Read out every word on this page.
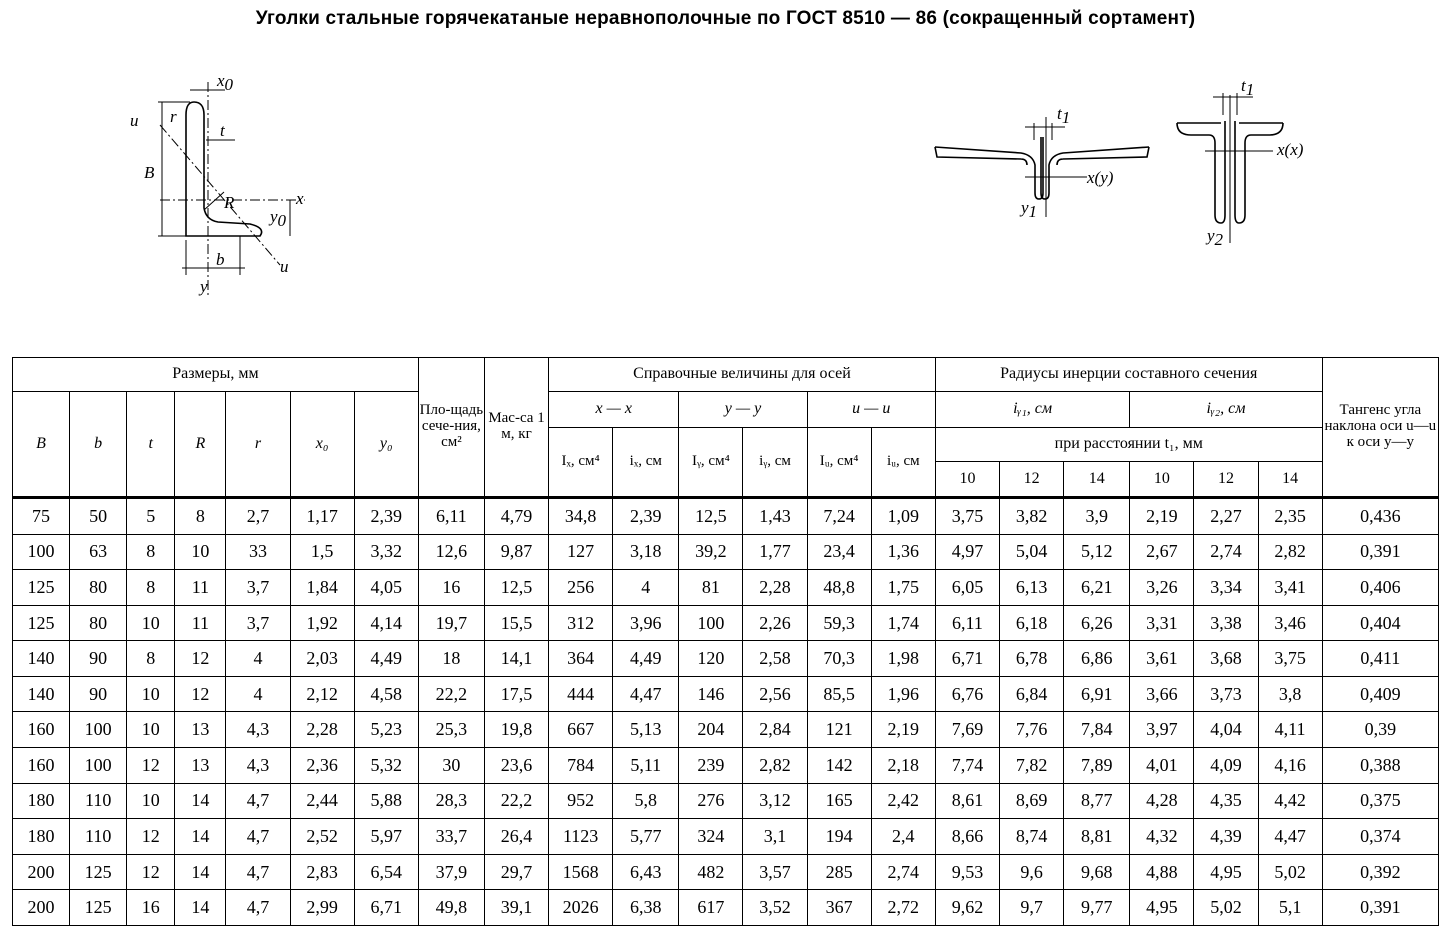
Уголки стальные горячекатаные неравнополочные по ГОСТ 8510 — 86 (сокращенный сортамент)
x0
r
t
u
B
R
y0
x
b	u
y
t1
x(y)
y1
t1
x(x)
y2
Размеры, мм							Пло-щадь сече-ния, см²	Мас-са 1 м, кг	Справочные величины для осей						Радиусы инерции составного сечения						Тангенс угла наклона оси u—u к оси y—y
B	b	t	R	r	x₀	y₀			x — x		y — y		u — u		iᵧ₁, см			iᵧ₂, см			
									Iₓ, см⁴	iₓ, см	Iᵧ, см⁴	iᵧ, см	Iᵤ, см⁴	iᵤ, см	при расстоянии t₁, мм						
															10	12	14	10	12	14	
75	50	5	8	2,7	1,17	2,39	6,11	4,79	34,8	2,39	12,5	1,43	7,24	1,09	3,75	3,82	3,9	2,19	2,27	2,35	0,436
100	63	8	10	33	1,5	3,32	12,6	9,87	127	3,18	39,2	1,77	23,4	1,36	4,97	5,04	5,12	2,67	2,74	2,82	0,391
125	80	8	11	3,7	1,84	4,05	16	12,5	256	4	81	2,28	48,8	1,75	6,05	6,13	6,21	3,26	3,34	3,41	0,406
125	80	10	11	3,7	1,92	4,14	19,7	15,5	312	3,96	100	2,26	59,3	1,74	6,11	6,18	6,26	3,31	3,38	3,46	0,404
140	90	8	12	4	2,03	4,49	18	14,1	364	4,49	120	2,58	70,3	1,98	6,71	6,78	6,86	3,61	3,68	3,75	0,411
140	90	10	12	4	2,12	4,58	22,2	17,5	444	4,47	146	2,56	85,5	1,96	6,76	6,84	6,91	3,66	3,73	3,8	0,409
160	100	10	13	4,3	2,28	5,23	25,3	19,8	667	5,13	204	2,84	121	2,19	7,69	7,76	7,84	3,97	4,04	4,11	0,39
160	100	12	13	4,3	2,36	5,32	30	23,6	784	5,11	239	2,82	142	2,18	7,74	7,82	7,89	4,01	4,09	4,16	0,388
180	110	10	14	4,7	2,44	5,88	28,3	22,2	952	5,8	276	3,12	165	2,42	8,61	8,69	8,77	4,28	4,35	4,42	0,375
180	110	12	14	4,7	2,52	5,97	33,7	26,4	1123	5,77	324	3,1	194	2,4	8,66	8,74	8,81	4,32	4,39	4,47	0,374
200	125	12	14	4,7	2,83	6,54	37,9	29,7	1568	6,43	482	3,57	285	2,74	9,53	9,6	9,68	4,88	4,95	5,02	0,392
200	125	16	14	4,7	2,99	6,71	49,8	39,1	2026	6,38	617	3,52	367	2,72	9,62	9,7	9,77	4,95	5,02	5,1	0,391
